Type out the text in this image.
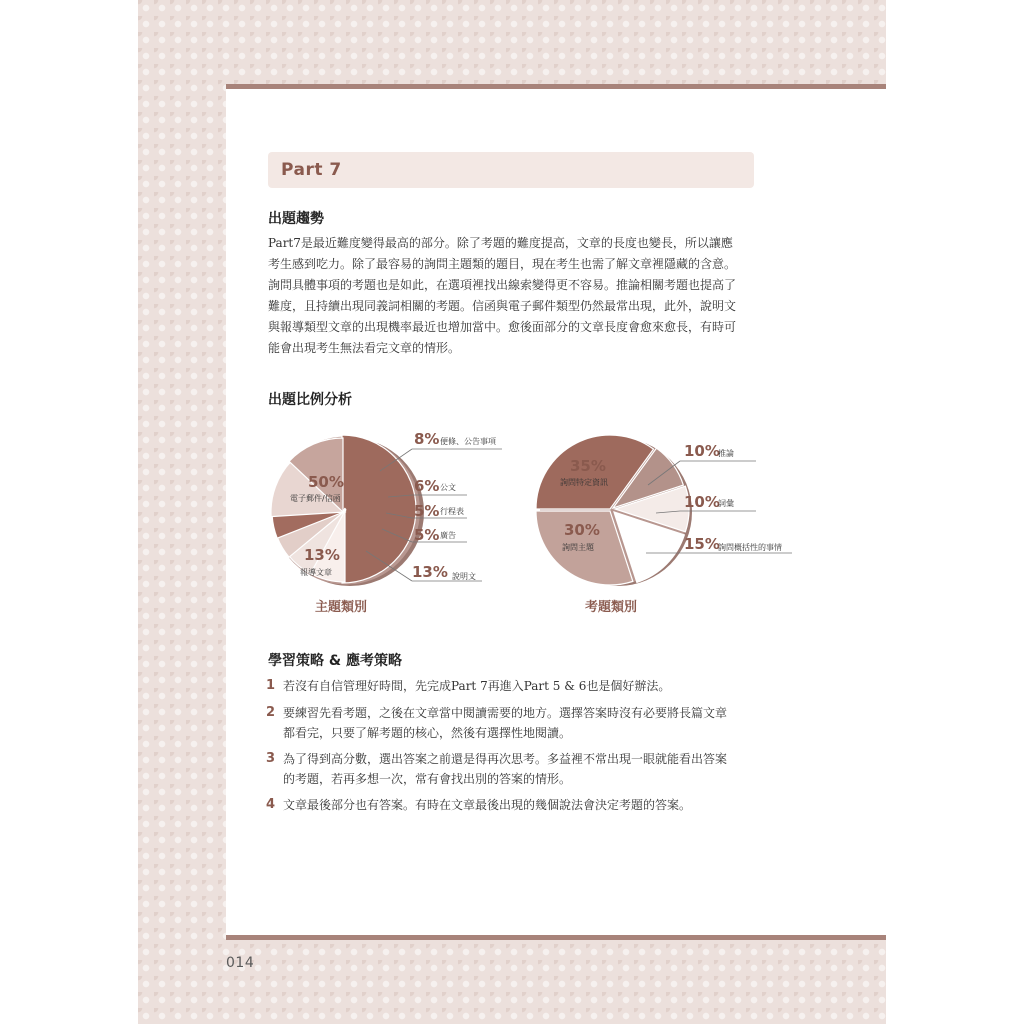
014
Part 7
出題趨勢
Part7是最近難度變得最高的部分。除了考題的難度提高，文章的長度也變長，所以讓應
考生感到吃力。除了最容易的詢問主題類的題目，現在考生也需了解文章裡隱藏的含意。
詢問具體事項的考題也是如此，在選項裡找出線索變得更不容易。推論相關考題也提高了
難度，且持續出現同義詞相關的考題。信函與電子郵件類型仍然最常出現，此外，說明文
與報導類型文章的出現機率最近也增加當中。愈後面部分的文章長度會愈來愈長，有時可
能會出現考生無法看完文章的情形。
出題比例分析
50%
電子郵件/信函
8% 便條、公告事項
6% 公文
5% 行程表
5% 廣告
13% 說明文
13%
報導文章
主題類別
35%
詢問特定資訊
10%
推論
10%
詞彙
15%
詢問概括性的事情
30%
詢問主題
考題類別
學習策略 & 應考策略
1 若沒有自信管理好時間，先完成Part 7再進入Part 5 & 6也是個好辦法。
2 要練習先看考題，之後在文章當中閱讀需要的地方。選擇答案時沒有必要將長篇文章
都看完，只要了解考題的核心，然後有選擇性地閱讀。
3 為了得到高分數，選出答案之前還是得再次思考。多益裡不常出現一眼就能看出答案
的考題，若再多想一次，常有會找出別的答案的情形。
4 文章最後部分也有答案。有時在文章最後出現的幾個說法會決定考題的答案。
